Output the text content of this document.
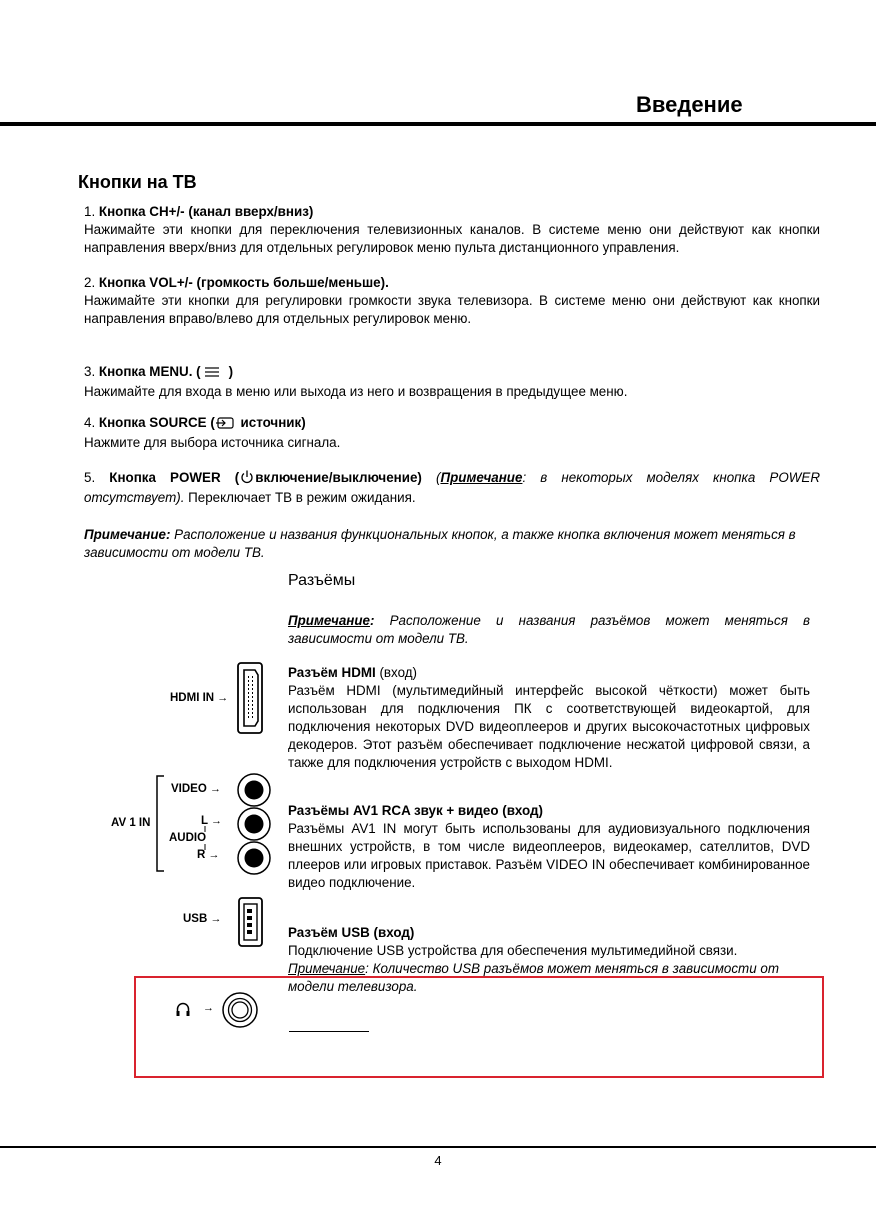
Введение
Кнопки на ТВ

1. Кнопка CH+/- (канал вверх/вниз)

Нажимайте эти кнопки для переключения телевизионных каналов. В системе меню они действуют как кнопки направления вверх/вниз для отдельных регулировок меню пульта дистанционного управления.

2. Кнопка VOL+/- (громкость больше/меньше).

Нажимайте эти кнопки для регулировки громкости звука телевизора. В системе меню они действуют как кнопки направления вправо/влево для отдельных регулировок меню.

3. Кнопка MENU. ( )

Нажимайте для входа в меню или выхода из него и возвращения в предыдущее меню.

4. Кнопка SOURCE ( источник)

Нажмите для выбора источника сигнала.

5. Кнопка POWER ( включение/выключение) (Примечание: в некоторых моделях кнопка POWER отсутствует). Переключает ТВ в режим ожидания.

Примечание: Расположение и названия функциональных кнопок, а также кнопка включения может меняться в зависимости от модели ТВ.

Разъёмы

Примечание: Расположение и названия разъёмов может меняться в зависимости от модели ТВ.

Разъём HDMI (вход)

Разъём HDMI (мультимедийный интерфейс высокой чёткости) может быть использован для подключения ПК с соответствующей видеокартой, для подключения некоторых DVD видеоплееров и других высокочастотных цифровых декодеров. Этот разъём обеспечивает подключение несжатой цифровой связи, а также для подключения устройств с выходом HDMI.

Разъёмы AV1 RCA звук + видео (вход)

Разъёмы AV1 IN могут быть использованы для аудиовизуального подключения внешних устройств, в том числе видеоплееров, видеокамер, сателлитов, DVD плееров или игровых приставок. Разъём VIDEO IN обеспечивает комбинированное видео подключение.

Разъём USB (вход)

Подключение USB устройства для обеспечения мультимедийной связи.

Примечание: Количество USB разъёмов может меняться в зависимости от модели телевизора.

HDMI IN →
AV 1 IN
VIDEO →
L →
AUDIO
R →
USB →
→
4
